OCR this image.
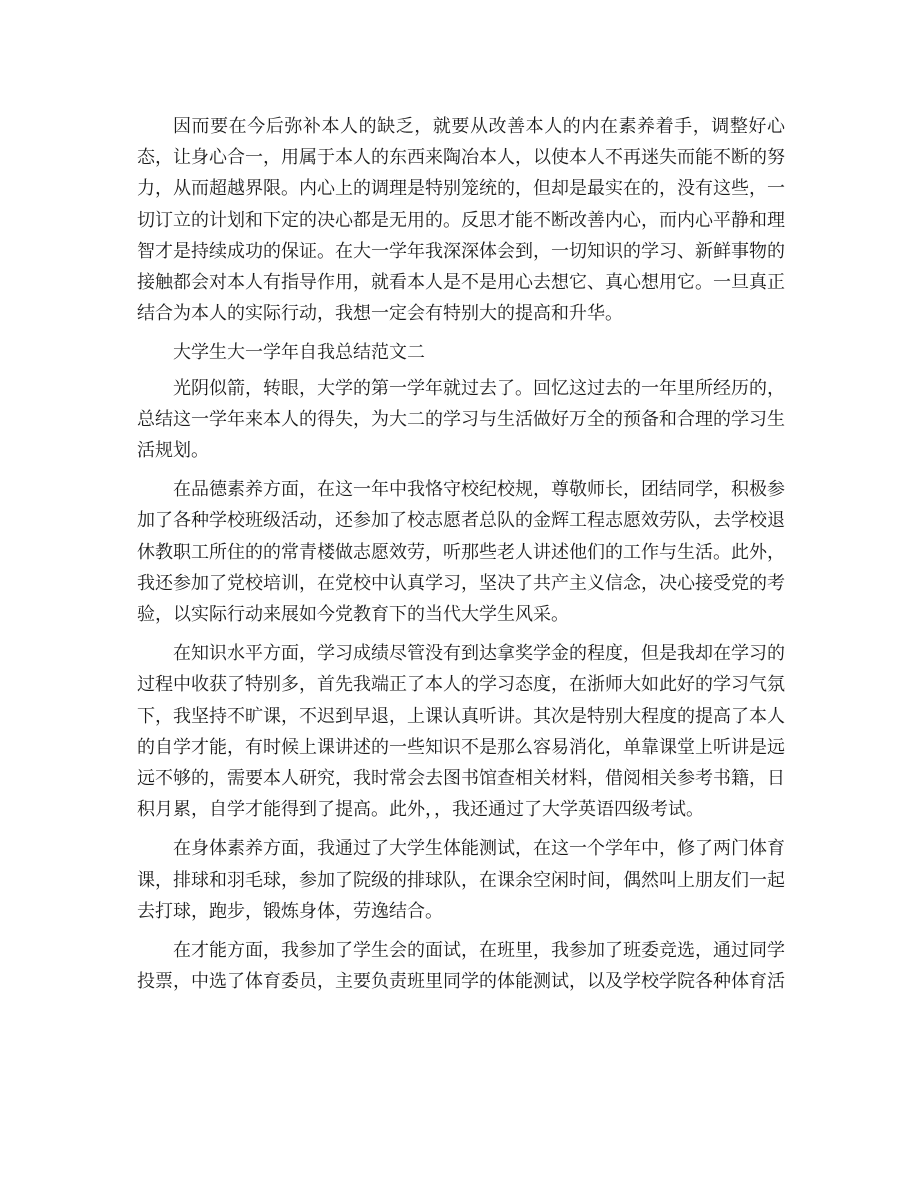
因而要在今后弥补本人的缺乏，就要从改善本人的内在素养着手，调整好心态，让身心合一，用属于本人的东西来陶冶本人，以使本人不再迷失而能不断的努力，从而超越界限。内心上的调理是特别笼统的，但却是最实在的，没有这些，一切订立的计划和下定的决心都是无用的。反思才能不断改善内心，而内心平静和理智才是持续成功的保证。在大一学年我深深体会到，一切知识的学习、新鲜事物的接触都会对本人有指导作用，就看本人是不是用心去想它、真心想用它。一旦真正结合为本人的实际行动，我想一定会有特别大的提高和升华。

大学生大一学年自我总结范文二

光阴似箭，转眼，大学的第一学年就过去了。回忆这过去的一年里所经历的，总结这一学年来本人的得失，为大二的学习与生活做好万全的预备和合理的学习生活规划。

在品德素养方面，在这一年中我恪守校纪校规，尊敬师长，团结同学，积极参加了各种学校班级活动，还参加了校志愿者总队的金辉工程志愿效劳队，去学校退休教职工所住的的常青楼做志愿效劳，听那些老人讲述他们的工作与生活。此外，我还参加了党校培训，在党校中认真学习，坚决了共产主义信念，决心接受党的考验，以实际行动来展如今党教育下的当代大学生风采。

在知识水平方面，学习成绩尽管没有到达拿奖学金的程度，但是我却在学习的过程中收获了特别多，首先我端正了本人的学习态度，在浙师大如此好的学习气氛下，我坚持不旷课，不迟到早退，上课认真听讲。其次是特别大程度的提高了本人的自学才能，有时候上课讲述的一些知识不是那么容易消化，单靠课堂上听讲是远远不够的，需要本人研究，我时常会去图书馆查相关材料，借阅相关参考书籍，日积月累，自学才能得到了提高。此外，，我还通过了大学英语四级考试。

在身体素养方面，我通过了大学生体能测试，在这一个学年中，修了两门体育课，排球和羽毛球，参加了院级的排球队，在课余空闲时间，偶然叫上朋友们一起去打球，跑步，锻炼身体，劳逸结合。

在才能方面，我参加了学生会的面试，在班里，我参加了班委竞选，通过同学投票，中选了体育委员，主要负责班里同学的体能测试，以及学校学院各种体育活
